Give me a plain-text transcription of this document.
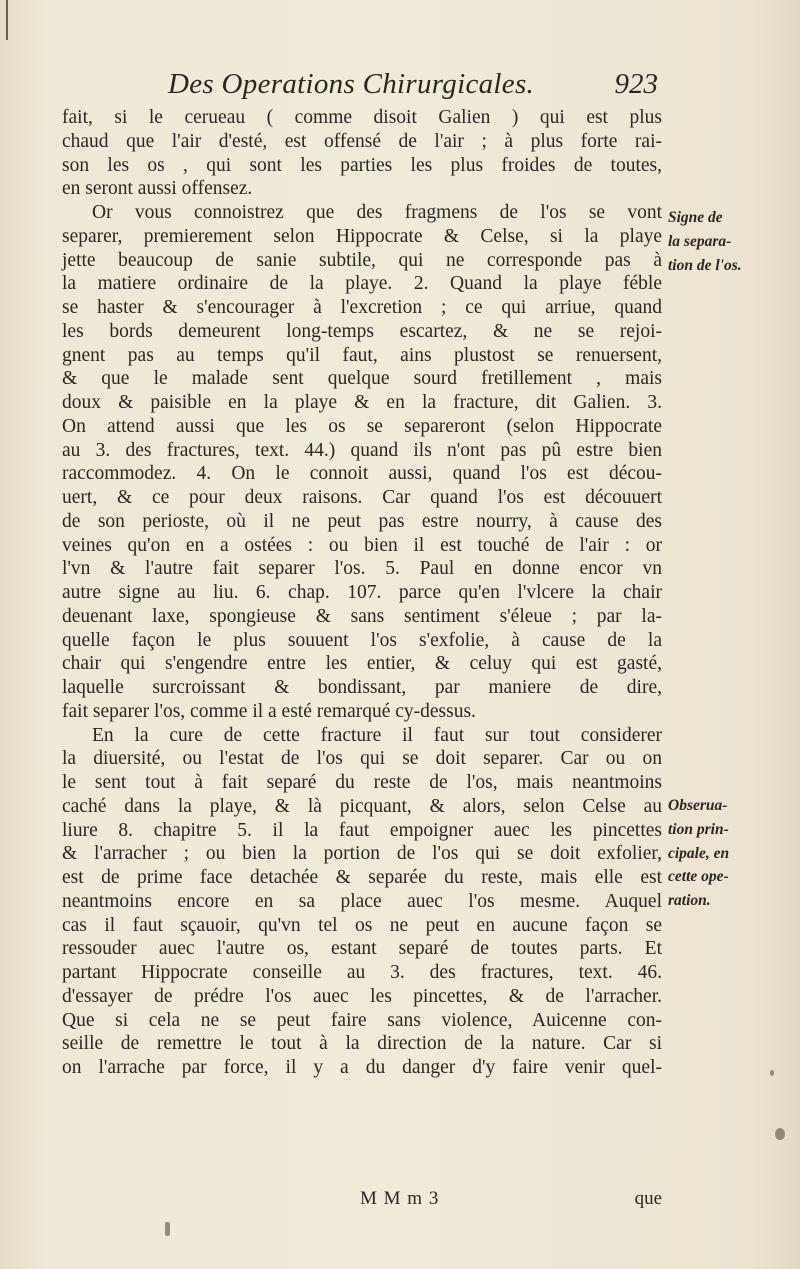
Des Operations Chirurgicales.	923
fait, si le cerueau ( comme disoit Galien ) qui est plus
chaud que l'air d'esté, est offensé de l'air ; à plus forte rai-
son les os , qui sont les parties les plus froides de toutes,
en seront aussi offensez.
Or vous connoistrez que des fragmens de l'os se vont
separer, premierement selon Hippocrate & Celse, si la playe
jette beaucoup de sanie subtile, qui ne corresponde pas à
la matiere ordinaire de la playe. 2. Quand la playe féble
se haster & s'encourager à l'excretion ; ce qui arriue, quand
les bords demeurent long-temps escartez, & ne se rejoi-
gnent pas au temps qu'il faut, ains plustost se renuersent,
& que le malade sent quelque sourd fretillement , mais
doux & paisible en la playe & en la fracture, dit Galien. 3.
On attend aussi que les os se separeront (selon Hippocrate
au 3. des fractures, text. 44.) quand ils n'ont pas pû estre bien
raccommodez. 4. On le connoit aussi, quand l'os est décou-
uert, & ce pour deux raisons. Car quand l'os est découuert
de son perioste, où il ne peut pas estre nourry, à cause des
veines qu'on en a ostées : ou bien il est touché de l'air : or
l'vn & l'autre fait separer l'os. 5. Paul en donne encor vn
autre signe au liu. 6. chap. 107. parce qu'en l'vlcere la chair
deuenant laxe, spongieuse & sans sentiment s'éleue ; par la-
quelle façon le plus souuent l'os s'exfolie, à cause de la
chair qui s'engendre entre les entier, & celuy qui est gasté,
laquelle surcroissant & bondissant, par maniere de dire,
fait separer l'os, comme il a esté remarqué cy-dessus.
En la cure de cette fracture il faut sur tout considerer
la diuersité, ou l'estat de l'os qui se doit separer. Car ou on
le sent tout à fait separé du reste de l'os, mais neantmoins
caché dans la playe, & là picquant, & alors, selon Celse au
liure 8. chapitre 5. il la faut empoigner auec les pincettes
& l'arracher ; ou bien la portion de l'os qui se doit exfolier,
est de prime face detachée & separée du reste, mais elle est
neantmoins encore en sa place auec l'os mesme. Auquel
cas il faut sçauoir, qu'vn tel os ne peut en aucune façon se
ressouder auec l'autre os, estant separé de toutes parts. Et
partant Hippocrate conseille au 3. des fractures, text. 46.
d'essayer de prédre l'os auec les pincettes, & de l'arracher.
Que si cela ne se peut faire sans violence, Auicenne con-
seille de remettre le tout à la direction de la nature. Car si
on l'arrache par force, il y a du danger d'y faire venir quel-
Signe de
la separa-
tion de l'os.
Obserua-
tion prin-
cipale, en
cette ope-
ration.
M M m 3	que
